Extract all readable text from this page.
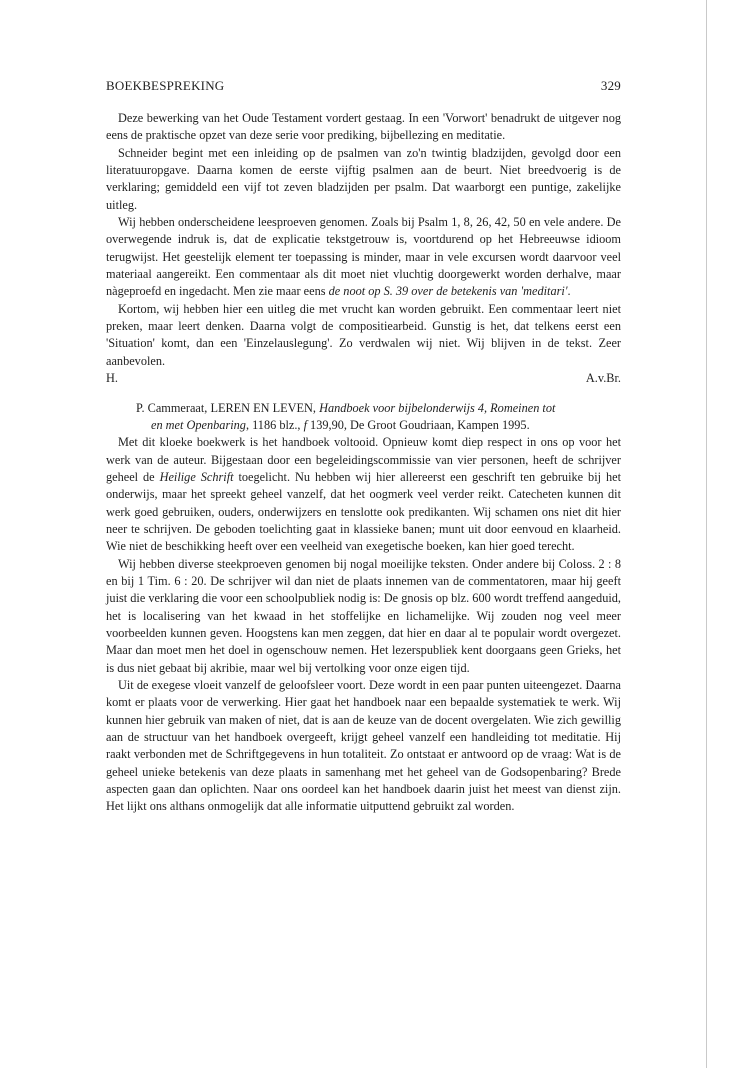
BOEKBESPREKING	329

Deze bewerking van het Oude Testament vordert gestaag. In een 'Vorwort' benadrukt de uitgever nog eens de praktische opzet van deze serie voor prediking, bijbellezing en meditatie.

Schneider begint met een inleiding op de psalmen van zo'n twintig bladzijden, gevolgd door een literatuuropgave. Daarna komen de eerste vijftig psalmen aan de beurt. Niet breedvoerig is de verklaring; gemiddeld een vijf tot zeven bladzijden per psalm. Dat waarborgt een puntige, zakelijke uitleg.

Wij hebben onderscheidene leesproeven genomen. Zoals bij Psalm 1, 8, 26, 42, 50 en vele andere. De overwegende indruk is, dat de explicatie tekstgetrouw is, voortdurend op het Hebreeuwse idioom terugwijst. Het geestelijk element ter toepassing is minder, maar in vele excursen wordt daarvoor veel materiaal aangereikt. Een commentaar als dit moet niet vluchtig doorgewerkt worden derhalve, maar nàgeproefd en ingedacht. Men zie maar eens de noot op S. 39 over de betekenis van 'meditari'.

Kortom, wij hebben hier een uitleg die met vrucht kan worden gebruikt. Een commentaar leert niet preken, maar leert denken. Daarna volgt de compositiearbeid. Gunstig is het, dat telkens eerst een 'Situation' komt, dan een 'Einzelauslegung'. Zo verdwalen wij niet. Wij blijven in de tekst. Zeer aanbevolen.

H.	A.v.Br.

P. Cammeraat, LEREN EN LEVEN, Handboek voor bijbelonderwijs 4, Romeinen tot
en met Openbaring, 1186 blz., f 139,90, De Groot Goudriaan, Kampen 1995.

Met dit kloeke boekwerk is het handboek voltooid. Opnieuw komt diep respect in ons op voor het werk van de auteur. Bijgestaan door een begeleidingscommissie van vier personen, heeft de schrijver geheel de Heilige Schrift toegelicht. Nu hebben wij hier allereerst een geschrift ten gebruike bij het onderwijs, maar het spreekt geheel vanzelf, dat het oogmerk veel verder reikt. Catecheten kunnen dit werk goed gebruiken, ouders, onderwijzers en tenslotte ook predikanten. Wij schamen ons niet dit hier neer te schrijven. De geboden toelichting gaat in klassieke banen; munt uit door eenvoud en klaarheid. Wie niet de beschikking heeft over een veelheid van exegetische boeken, kan hier goed terecht.

Wij hebben diverse steekproeven genomen bij nogal moeilijke teksten. Onder andere bij Coloss. 2 : 8 en bij 1 Tim. 6 : 20. De schrijver wil dan niet de plaats innemen van de commentatoren, maar hij geeft juist die verklaring die voor een schoolpubliek nodig is: De gnosis op blz. 600 wordt treffend aangeduid, het is localisering van het kwaad in het stoffelijke en lichamelijke. Wij zouden nog veel meer voorbeelden kunnen geven. Hoogstens kan men zeggen, dat hier en daar al te populair wordt overgezet. Maar dan moet men het doel in ogenschouw nemen. Het lezerspubliek kent doorgaans geen Grieks, het is dus niet gebaat bij akribie, maar wel bij vertolking voor onze eigen tijd.

Uit de exegese vloeit vanzelf de geloofsleer voort. Deze wordt in een paar punten uiteengezet. Daarna komt er plaats voor de verwerking. Hier gaat het handboek naar een bepaalde systematiek te werk. Wij kunnen hier gebruik van maken of niet, dat is aan de keuze van de docent overgelaten. Wie zich gewillig aan de structuur van het handboek overgeeft, krijgt geheel vanzelf een handleiding tot meditatie. Hij raakt verbonden met de Schriftgegevens in hun totaliteit. Zo ontstaat er antwoord op de vraag: Wat is de geheel unieke betekenis van deze plaats in samenhang met het geheel van de Godsopenbaring? Brede aspecten gaan dan oplichten. Naar ons oordeel kan het handboek daarin juist het meest van dienst zijn. Het lijkt ons althans onmogelijk dat alle informatie uitputtend gebruikt zal worden.
